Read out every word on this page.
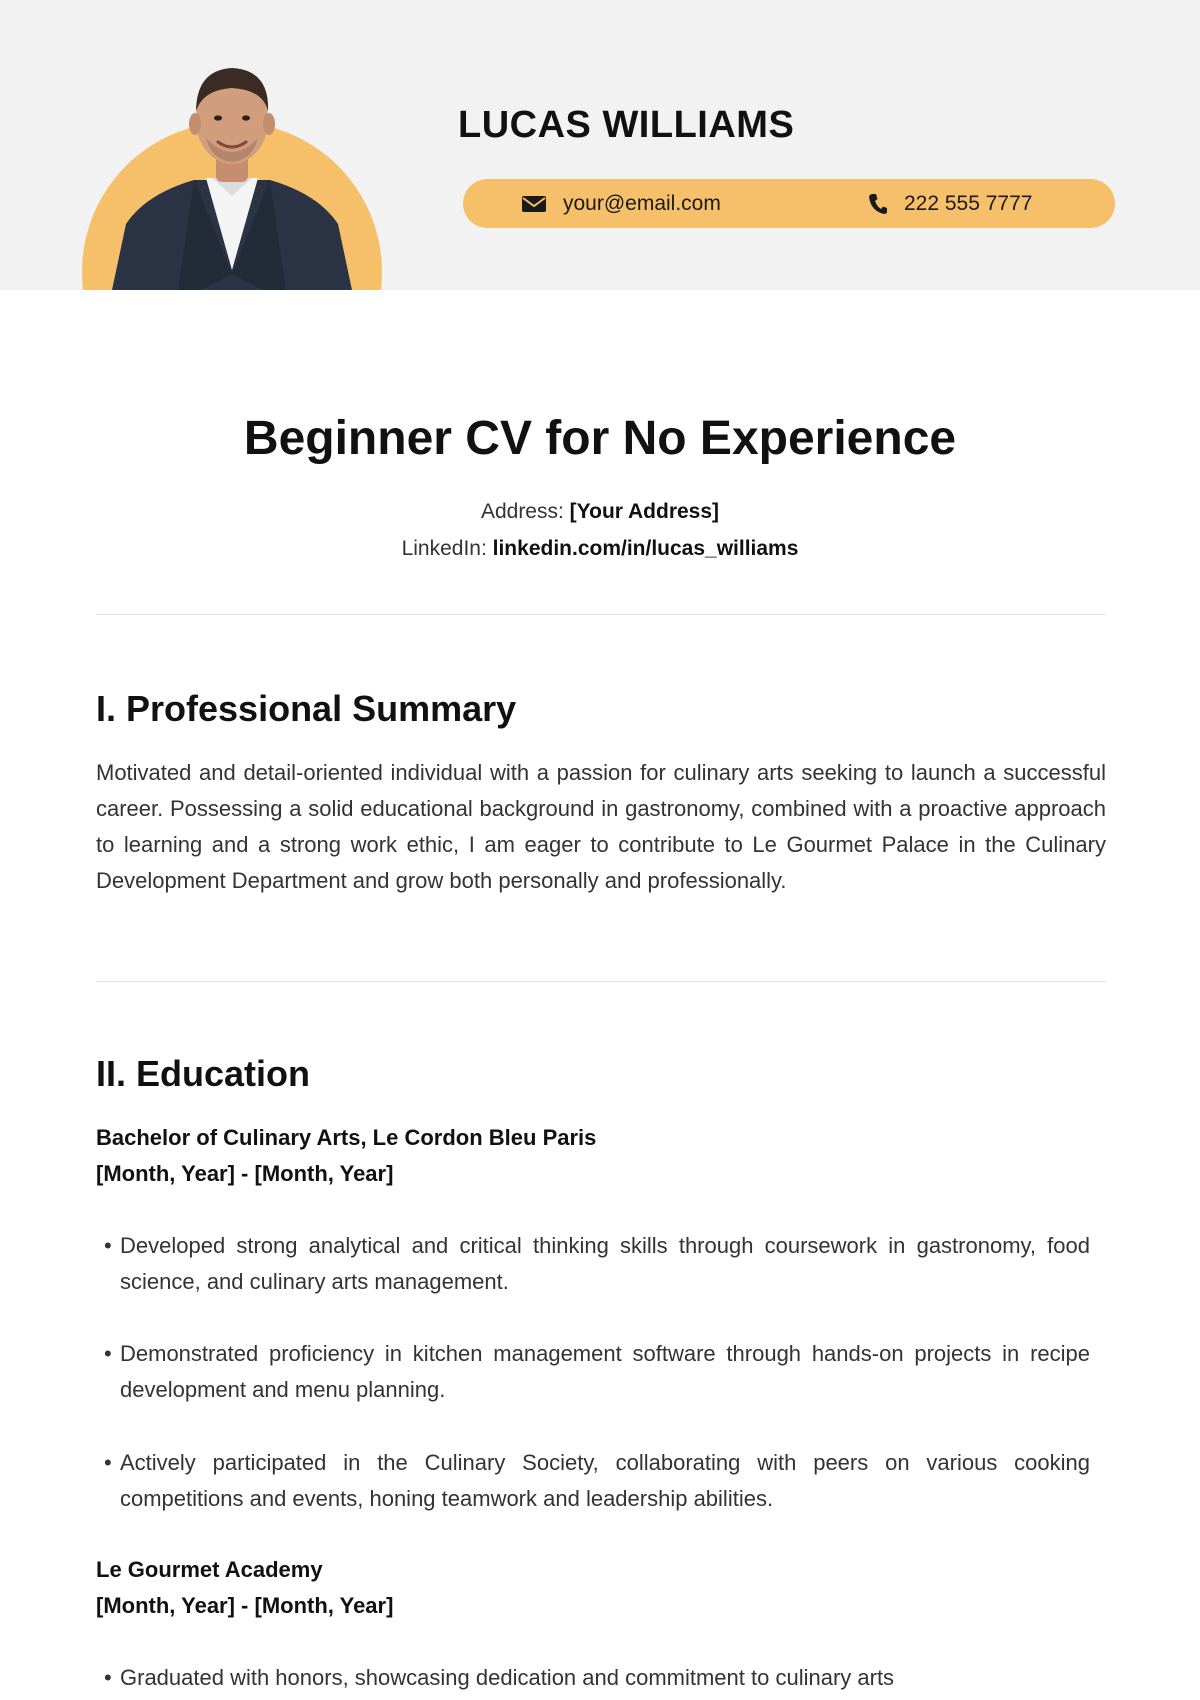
LUCAS WILLIAMS
your@email.com	222 555 7777
Beginner CV for No Experience
Address: [Your Address]
LinkedIn: linkedin.com/in/lucas_williams
I. Professional Summary

Motivated and detail-oriented individual with a passion for culinary arts seeking to launch a successful career. Possessing a solid educational background in gastronomy, combined with a proactive approach to learning and a strong work ethic, I am eager to contribute to Le Gourmet Palace in the Culinary Development Department and grow both personally and professionally.

II. Education
Bachelor of Culinary Arts, Le Cordon Bleu Paris
[Month, Year] - [Month, Year]
• Developed strong analytical and critical thinking skills through coursework in gastronomy, food science, and culinary arts management.
• Demonstrated proficiency in kitchen management software through hands-on projects in recipe development and menu planning.
• Actively participated in the Culinary Society, collaborating with peers on various cooking competitions and events, honing teamwork and leadership abilities.
Le Gourmet Academy
[Month, Year] - [Month, Year]
• Graduated with honors, showcasing dedication and commitment to culinary arts
